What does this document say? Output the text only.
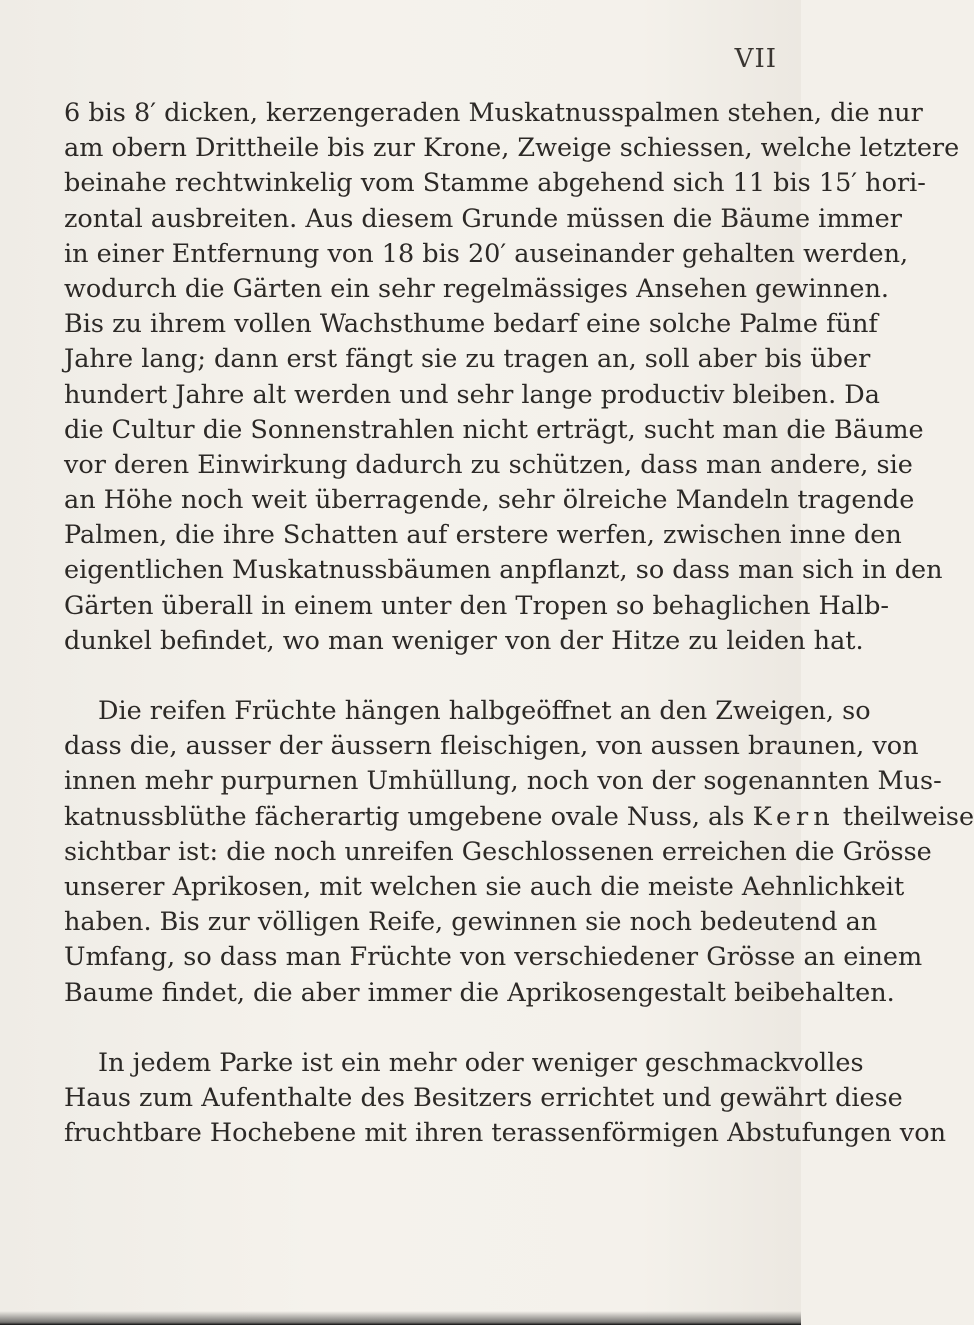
VII
6 bis 8′ dicken, kerzengeraden Muskatnusspalmen stehen, die nur
am obern Drittheile bis zur Krone, Zweige schiessen, welche letztere
beinahe rechtwinkelig vom Stamme abgehend sich 11 bis 15′ hori-
zontal ausbreiten. Aus diesem Grunde müssen die Bäume immer
in einer Entfernung von 18 bis 20′ auseinander gehalten werden,
wodurch die Gärten ein sehr regelmässiges Ansehen gewinnen.
Bis zu ihrem vollen Wachsthume bedarf eine solche Palme fünf
Jahre lang; dann erst fängt sie zu tragen an, soll aber bis über
hundert Jahre alt werden und sehr lange productiv bleiben. Da
die Cultur die Sonnenstrahlen nicht erträgt, sucht man die Bäume
vor deren Einwirkung dadurch zu schützen, dass man andere, sie
an Höhe noch weit überragende, sehr ölreiche Mandeln tragende
Palmen, die ihre Schatten auf erstere werfen, zwischen inne den
eigentlichen Muskatnussbäumen anpflanzt, so dass man sich in den
Gärten überall in einem unter den Tropen so behaglichen Halb-
dunkel befindet, wo man weniger von der Hitze zu leiden hat.
Die reifen Früchte hängen halbgeöffnet an den Zweigen, so
dass die, ausser der äussern fleischigen, von aussen braunen, von
innen mehr purpurnen Umhüllung, noch von der sogenannten Mus-
katnussblüthe fächerartig umgebene ovale Nuss, als Kern theilweise
sichtbar ist: die noch unreifen Geschlossenen erreichen die Grösse
unserer Aprikosen, mit welchen sie auch die meiste Aehnlichkeit
haben. Bis zur völligen Reife, gewinnen sie noch bedeutend an
Umfang, so dass man Früchte von verschiedener Grösse an einem
Baume findet, die aber immer die Aprikosengestalt beibehalten.
In jedem Parke ist ein mehr oder weniger geschmackvolles
Haus zum Aufenthalte des Besitzers errichtet und gewährt diese
fruchtbare Hochebene mit ihren terassenförmigen Abstufungen von
